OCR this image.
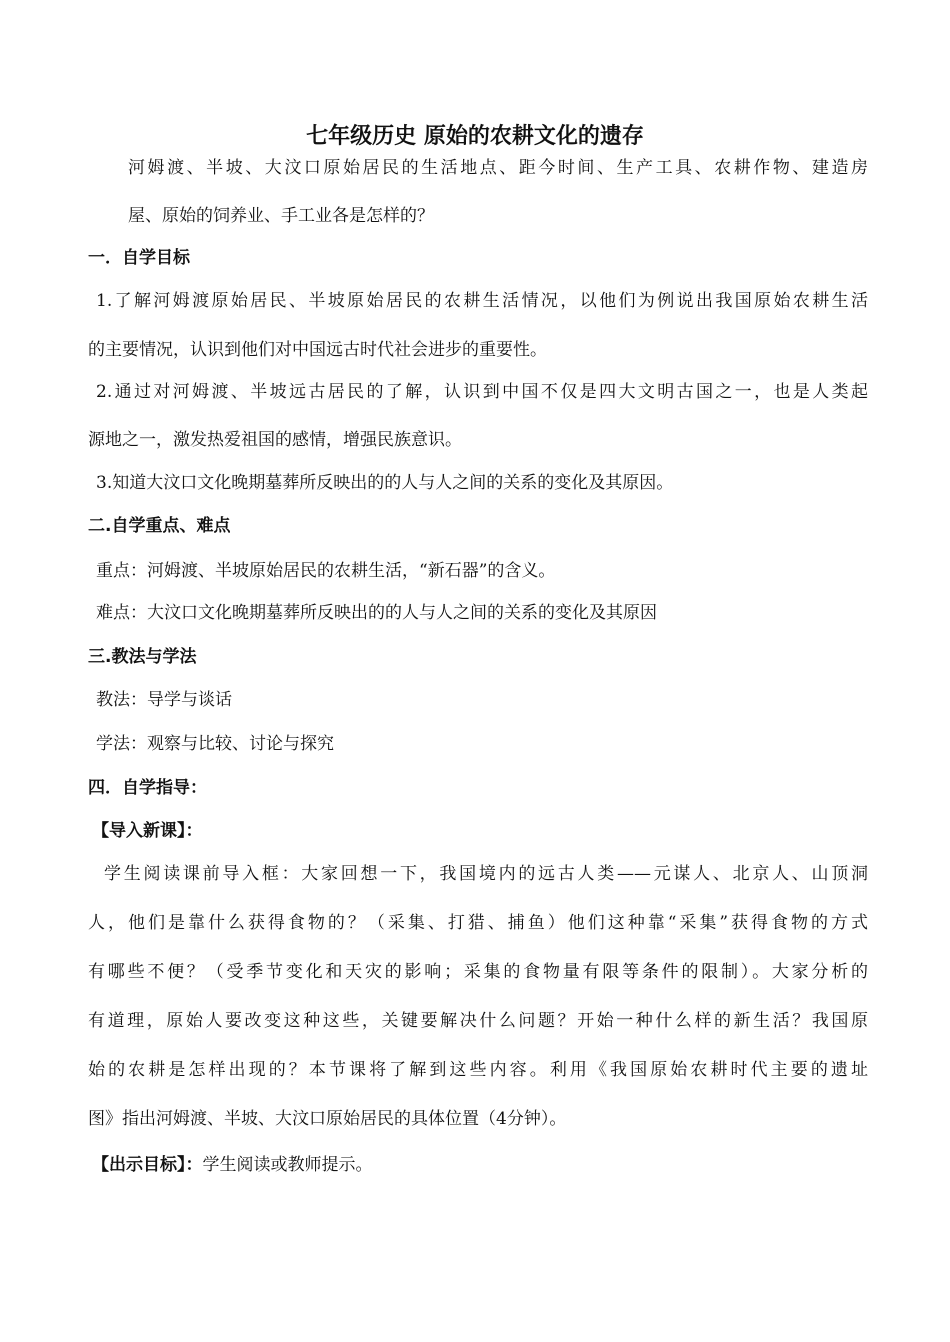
七年级历史 原始的农耕文化的遗存
河姆渡、半坡、大汶口原始居民的生活地点、距今时间、生产工具、农耕作物、建造房
屋、原始的饲养业、手工业各是怎样的？
一．自学目标
1.了解河姆渡原始居民、半坡原始居民的农耕生活情况，以他们为例说出我国原始农耕生活
的主要情况，认识到他们对中国远古时代社会进步的重要性。
2.通过对河姆渡、半坡远古居民的了解，认识到中国不仅是四大文明古国之一，也是人类起
源地之一，激发热爱祖国的感情，增强民族意识。
3.知道大汶口文化晚期墓葬所反映出的的人与人之间的关系的变化及其原因。
二.自学重点、难点
重点：河姆渡、半坡原始居民的农耕生活，“新石器”的含义。
难点：大汶口文化晚期墓葬所反映出的的人与人之间的关系的变化及其原因
三.教法与学法
教法：导学与谈话
学法：观察与比较、讨论与探究
四．自学指导：
【导入新课】：
学生阅读课前导入框：大家回想一下，我国境内的远古人类——元谋人、北京人、山顶洞
人，他们是靠什么获得食物的？（采集、打猎、捕鱼）他们这种靠“采集”获得食物的方式
有哪些不便？（受季节变化和天灾的影响；采集的食物量有限等条件的限制）。大家分析的
有道理，原始人要改变这种这些，关键要解决什么问题？开始一种什么样的新生活？我国原
始的农耕是怎样出现的？本节课将了解到这些内容。利用《我国原始农耕时代主要的遗址
图》指出河姆渡、半坡、大汶口原始居民的具体位置（4分钟）。
【出示目标】：学生阅读或教师提示。
